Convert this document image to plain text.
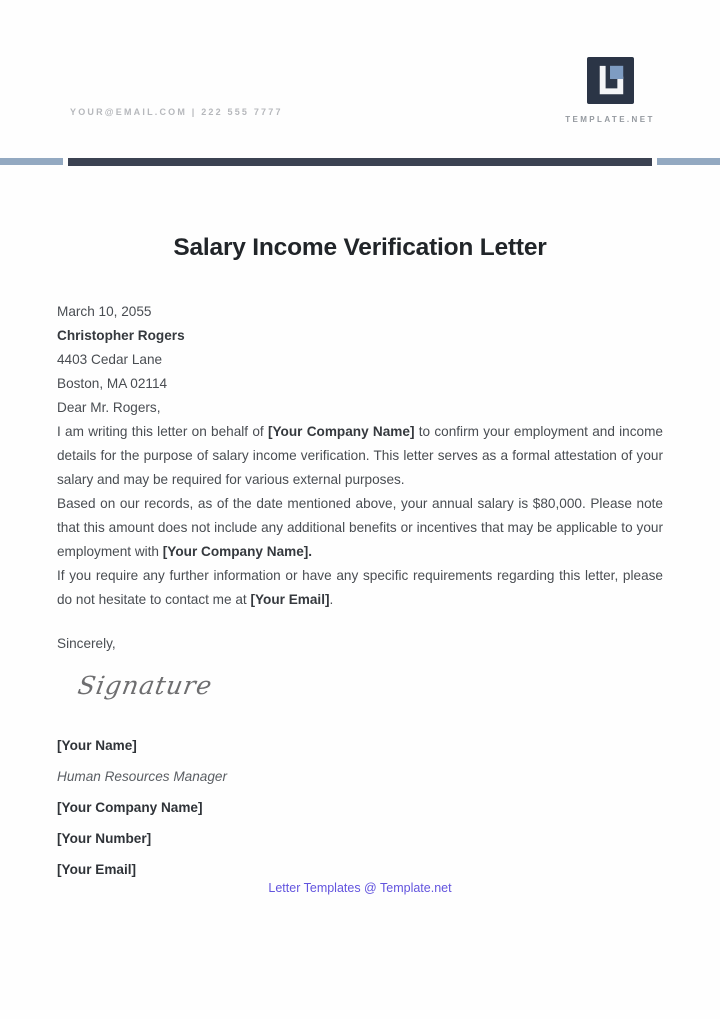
YOUR@EMAIL.COM | 222 555 7777
TEMPLATE.NET
Salary Income Verification Letter
March 10, 2055
Christopher Rogers
4403 Cedar Lane
Boston, MA 02114
Dear Mr. Rogers,

I am writing this letter on behalf of [Your Company Name] to confirm your employment and income details for the purpose of salary income verification. This letter serves as a formal attestation of your salary and may be required for various external purposes.

Based on our records, as of the date mentioned above, your annual salary is $80,000. Please note that this amount does not include any additional benefits or incentives that may be applicable to your employment with [Your Company Name].

If you require any further information or have any specific requirements regarding this letter, please do not hesitate to contact me at [Your Email].

Sincerely,
Signature
[Your Name]
Human Resources Manager
[Your Company Name]
[Your Number]
[Your Email]
Letter Templates @ Template.net
